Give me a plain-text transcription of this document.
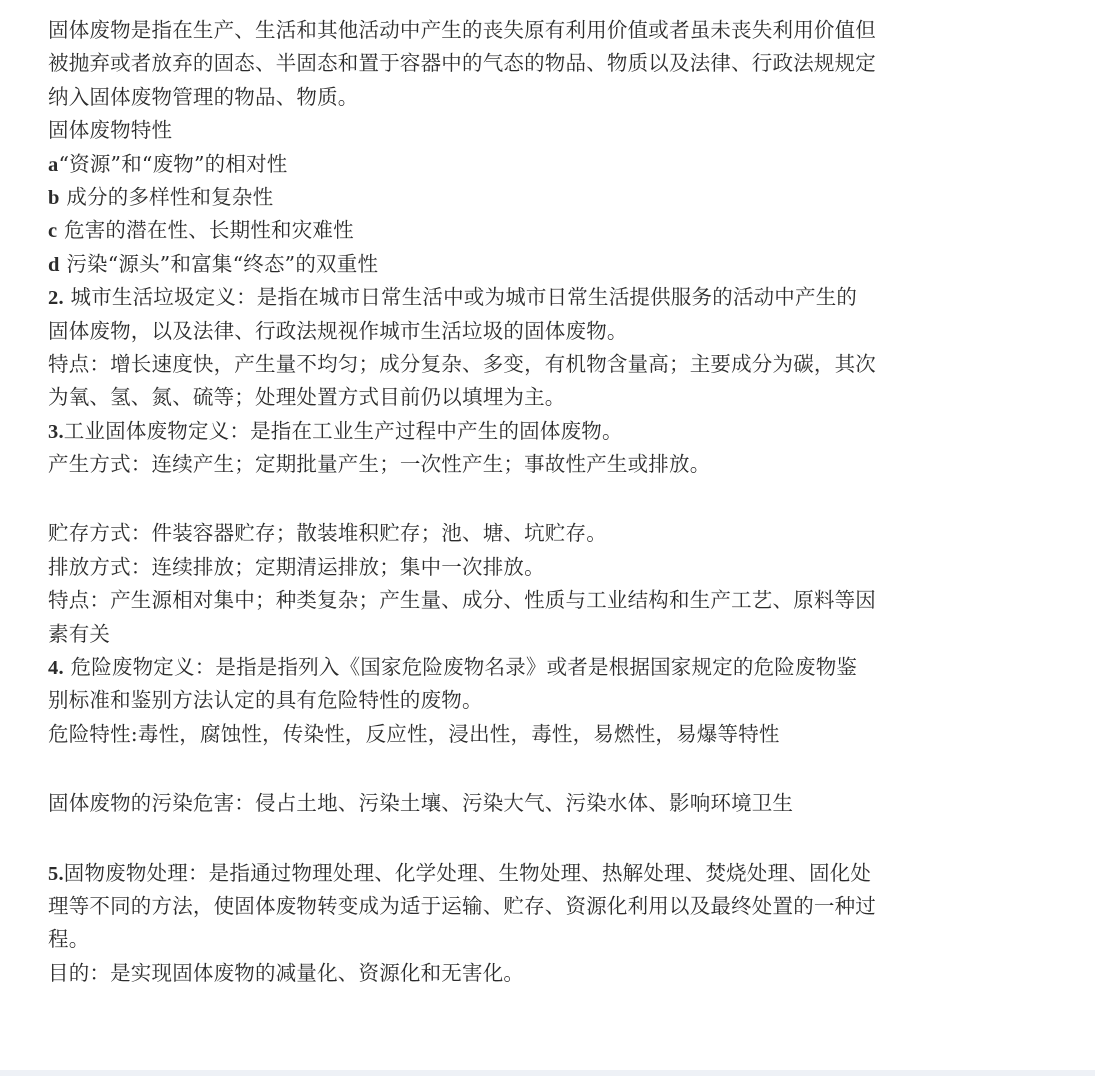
固体废物是指在生产、生活和其他活动中产生的丧失原有利用价值或者虽未丧失利用价值但
被抛弃或者放弃的固态、半固态和置于容器中的气态的物品、物质以及法律、行政法规规定
纳入固体废物管理的物品、物质。
固体废物特性
a“资源”和“废物”的相对性
b 成分的多样性和复杂性
c 危害的潜在性、长期性和灾难性
d 污染“源头”和富集“终态”的双重性
2. 城市生活垃圾定义：是指在城市日常生活中或为城市日常生活提供服务的活动中产生的
固体废物，以及法律、行政法规视作城市生活垃圾的固体废物。
特点：增长速度快，产生量不均匀；成分复杂、多变，有机物含量高；主要成分为碳，其次
为氧、氢、氮、硫等；处理处置方式目前仍以填埋为主。
3.工业固体废物定义：是指在工业生产过程中产生的固体废物。
产生方式：连续产生；定期批量产生；一次性产生；事故性产生或排放。
贮存方式：件装容器贮存；散装堆积贮存；池、塘、坑贮存。
排放方式：连续排放；定期清运排放；集中一次排放。
特点：产生源相对集中；种类复杂；产生量、成分、性质与工业结构和生产工艺、原料等因
素有关
4. 危险废物定义：是指是指列入《国家危险废物名录》或者是根据国家规定的危险废物鉴
别标准和鉴别方法认定的具有危险特性的废物。
危险特性:毒性，腐蚀性，传染性，反应性，浸出性，毒性，易燃性，易爆等特性
固体废物的污染危害：侵占土地、污染土壤、污染大气、污染水体、影响环境卫生
5.固物废物处理：是指通过物理处理、化学处理、生物处理、热解处理、焚烧处理、固化处
理等不同的方法，使固体废物转变成为适于运输、贮存、资源化利用以及最终处置的一种过
程。
目的：是实现固体废物的减量化、资源化和无害化。
